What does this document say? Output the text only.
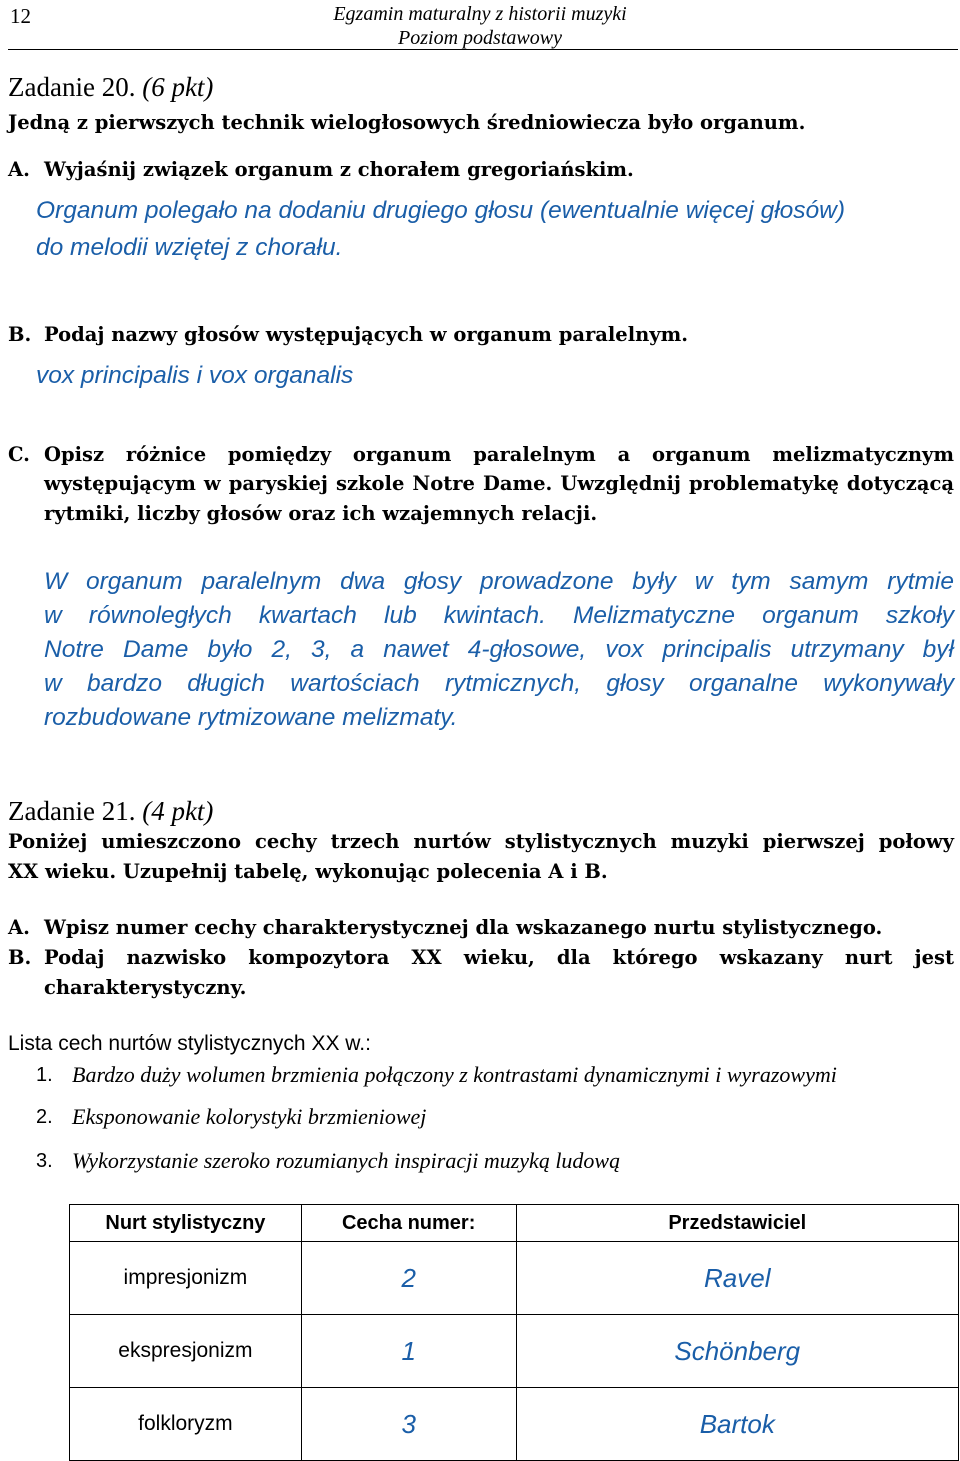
12	Egzamin maturalny z historii muzyki
Poziom podstawowy
Zadanie 20. (6 pkt)
Jedną z pierwszych technik wielogłosowych średniowiecza było organum.
A. Wyjaśnij związek organum z chorałem gregoriańskim.
Organum polegało na dodaniu drugiego głosu (ewentualnie więcej głosów)
do melodii wziętej z chorału.
B. Podaj nazwy głosów występujących w organum paralelnym.
vox principalis i vox organalis
C. Opisz różnice pomiędzy organum paralelnym a organum melizmatycznym
występującym w paryskiej szkole Notre Dame. Uwzględnij problematykę dotyczącą
rytmiki, liczby głosów oraz ich wzajemnych relacji.
W organum paralelnym dwa głosy prowadzone były w tym samym rytmie
w równoległych kwartach lub kwintach. Melizmatyczne organum szkoły
Notre Dame było 2, 3, a nawet 4-głosowe, vox principalis utrzymany był
w bardzo długich wartościach rytmicznych, głosy organalne wykonywały
rozbudowane rytmizowane melizmaty.
Zadanie 21. (4 pkt)
Poniżej umieszczono cechy trzech nurtów stylistycznych muzyki pierwszej połowy
XX wieku. Uzupełnij tabelę, wykonując polecenia A i B.
A. Wpisz numer cechy charakterystycznej dla wskazanego nurtu stylistycznego.
B. Podaj nazwisko kompozytora XX wieku, dla którego wskazany nurt jest
charakterystyczny.
Lista cech nurtów stylistycznych XX w.:
1. Bardzo duży wolumen brzmienia połączony z kontrastami dynamicznymi i wyrazowymi
2. Eksponowanie kolorystyki brzmieniowej
3. Wykorzystanie szeroko rozumianych inspiracji muzyką ludową
Nurt stylistyczny	Cecha numer:	Przedstawiciel
impresjonizm	2	Ravel
ekspresjonizm	1	Schönberg
folkloryzm	3	Bartok
